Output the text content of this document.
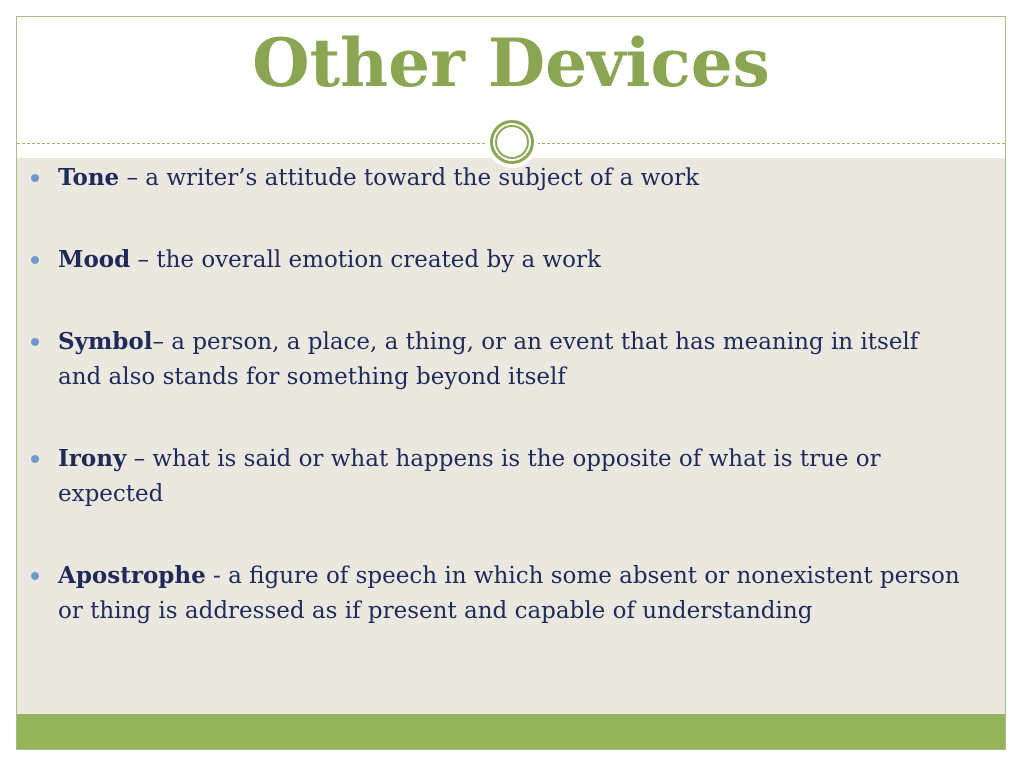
Other Devices
Tone – a writer’s attitude toward the subject of a work
Mood – the overall emotion created by a work
Symbol– a person, a place, a thing, or an event that has meaning in itself and also stands for something beyond itself
Irony – what is said or what happens is the opposite of what is true or expected
Apostrophe - a figure of speech in which some absent or nonexistent person or thing is addressed as if present and capable of understanding
